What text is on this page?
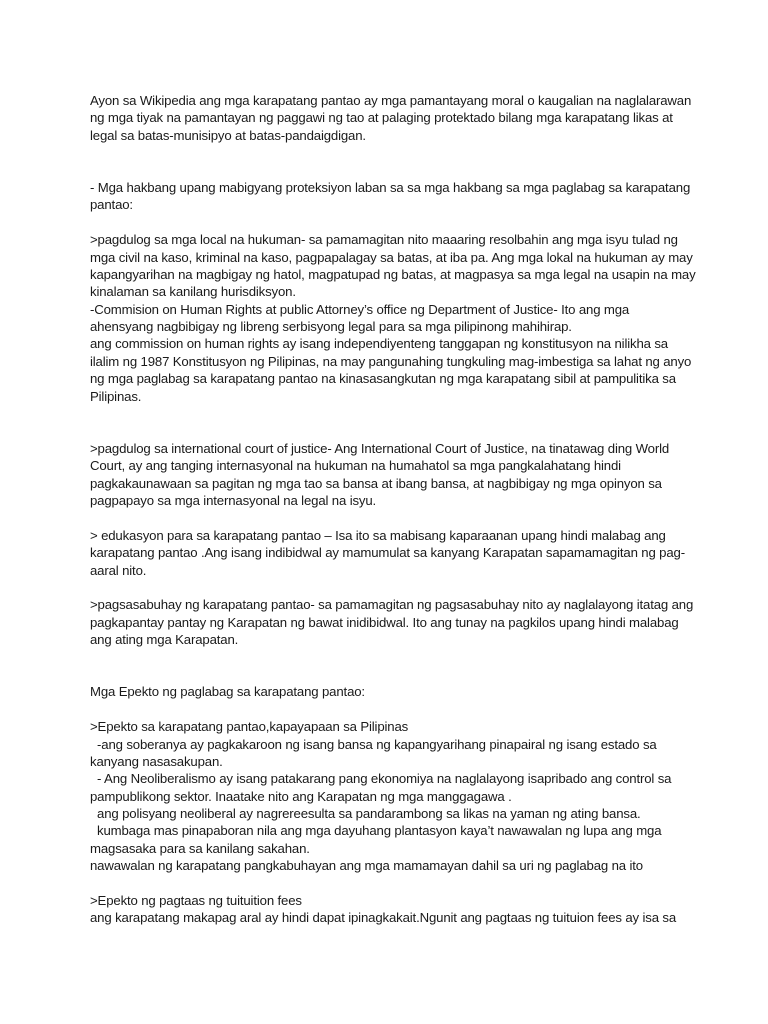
Ayon sa Wikipedia ang mga karapatang pantao ay mga pamantayang moral o kaugalian na naglalarawan
ng mga tiyak na pamantayan ng paggawi ng tao at palaging protektado bilang mga karapatang likas at
legal sa batas-munisipyo at batas-pandaigdigan.
- Mga hakbang upang mabigyang proteksiyon laban sa sa mga hakbang sa mga paglabag sa karapatang
pantao:
>pagdulog sa mga local na hukuman- sa pamamagitan nito maaaring resolbahin ang mga isyu tulad ng
mga civil na kaso, kriminal na kaso, pagpapalagay sa batas, at iba pa. Ang mga lokal na hukuman ay may
kapangyarihan na magbigay ng hatol, magpatupad ng batas, at magpasya sa mga legal na usapin na may
kinalaman sa kanilang hurisdiksyon.
-Commision on Human Rights at public Attorney’s office ng Department of Justice- Ito ang mga
ahensyang nagbibigay ng libreng serbisyong legal para sa mga pilipinong mahihirap.
ang commission on human rights ay isang independiyenteng tanggapan ng konstitusyon na nilikha sa
ilalim ng 1987 Konstitusyon ng Pilipinas, na may pangunahing tungkuling mag-imbestiga sa lahat ng anyo
ng mga paglabag sa karapatang pantao na kinasasangkutan ng mga karapatang sibil at pampulitika sa
Pilipinas.
>pagdulog sa international court of justice- Ang International Court of Justice, na tinatawag ding World
Court, ay ang tanging internasyonal na hukuman na humahatol sa mga pangkalahatang hindi
pagkakaunawaan sa pagitan ng mga tao sa bansa at ibang bansa, at nagbibigay ng mga opinyon sa
pagpapayo sa mga internasyonal na legal na isyu.
> edukasyon para sa karapatang pantao – Isa ito sa mabisang kaparaanan upang hindi malabag ang
karapatang pantao .Ang isang indibidwal ay mamumulat sa kanyang Karapatan sapamamagitan ng pag-
aaral nito.
>pagsasabuhay ng karapatang pantao- sa pamamagitan ng pagsasabuhay nito ay naglalayong itatag ang
pagkapantay pantay ng Karapatan ng bawat inidibidwal. Ito ang tunay na pagkilos upang hindi malabag
ang ating mga Karapatan.
Mga Epekto ng paglabag sa karapatang pantao:
>Epekto sa karapatang pantao,kapayapaan sa Pilipinas
-ang soberanya ay pagkakaroon ng isang bansa ng kapangyarihang pinapairal ng isang estado sa
kanyang nasasakupan.
- Ang Neoliberalismo ay isang patakarang pang ekonomiya na naglalayong isapribado ang control sa
pampublikong sektor. Inaatake nito ang Karapatan ng mga manggagawa .
ang polisyang neoliberal ay nagrereesulta sa pandarambong sa likas na yaman ng ating bansa.
kumbaga mas pinapaboran nila ang mga dayuhang plantasyon kaya’t nawawalan ng lupa ang mga
magsasaka para sa kanilang sakahan.
nawawalan ng karapatang pangkabuhayan ang mga mamamayan dahil sa uri ng paglabag na ito
>Epekto ng pagtaas ng tuituition fees
ang karapatang makapag aral ay hindi dapat ipinagkakait.Ngunit ang pagtaas ng tuituion fees ay isa sa
